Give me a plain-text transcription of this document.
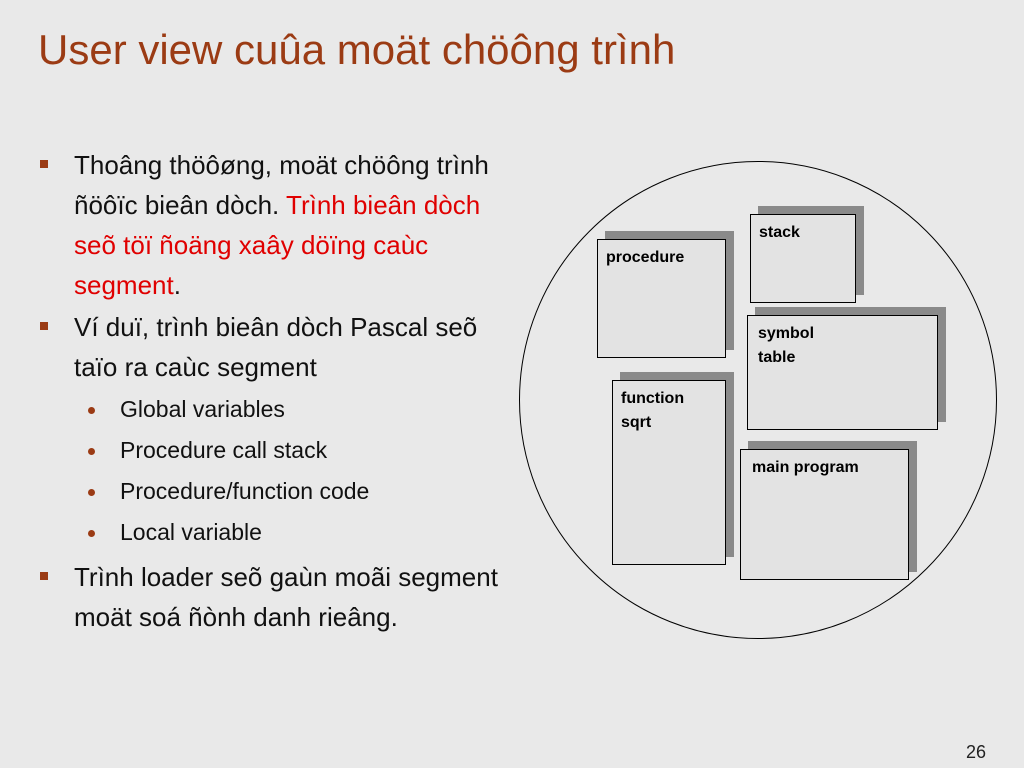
User view cuûa moät chöông trình
Thoâng thöôøng, moät chöông trình ñöôïc bieân dòch. Trình bieân dòch seõ töï ñoäng xaây döïng caùc segment.
Ví duï, trình bieân dòch Pascal seõ taïo ra caùc segment
Global variables
Procedure call stack
Procedure/function code
Local variable
Trình loader seõ gaùn moãi segment moät soá ñònh danh rieâng.
stack
procedure
symbol
table
function
sqrt
main program
26
